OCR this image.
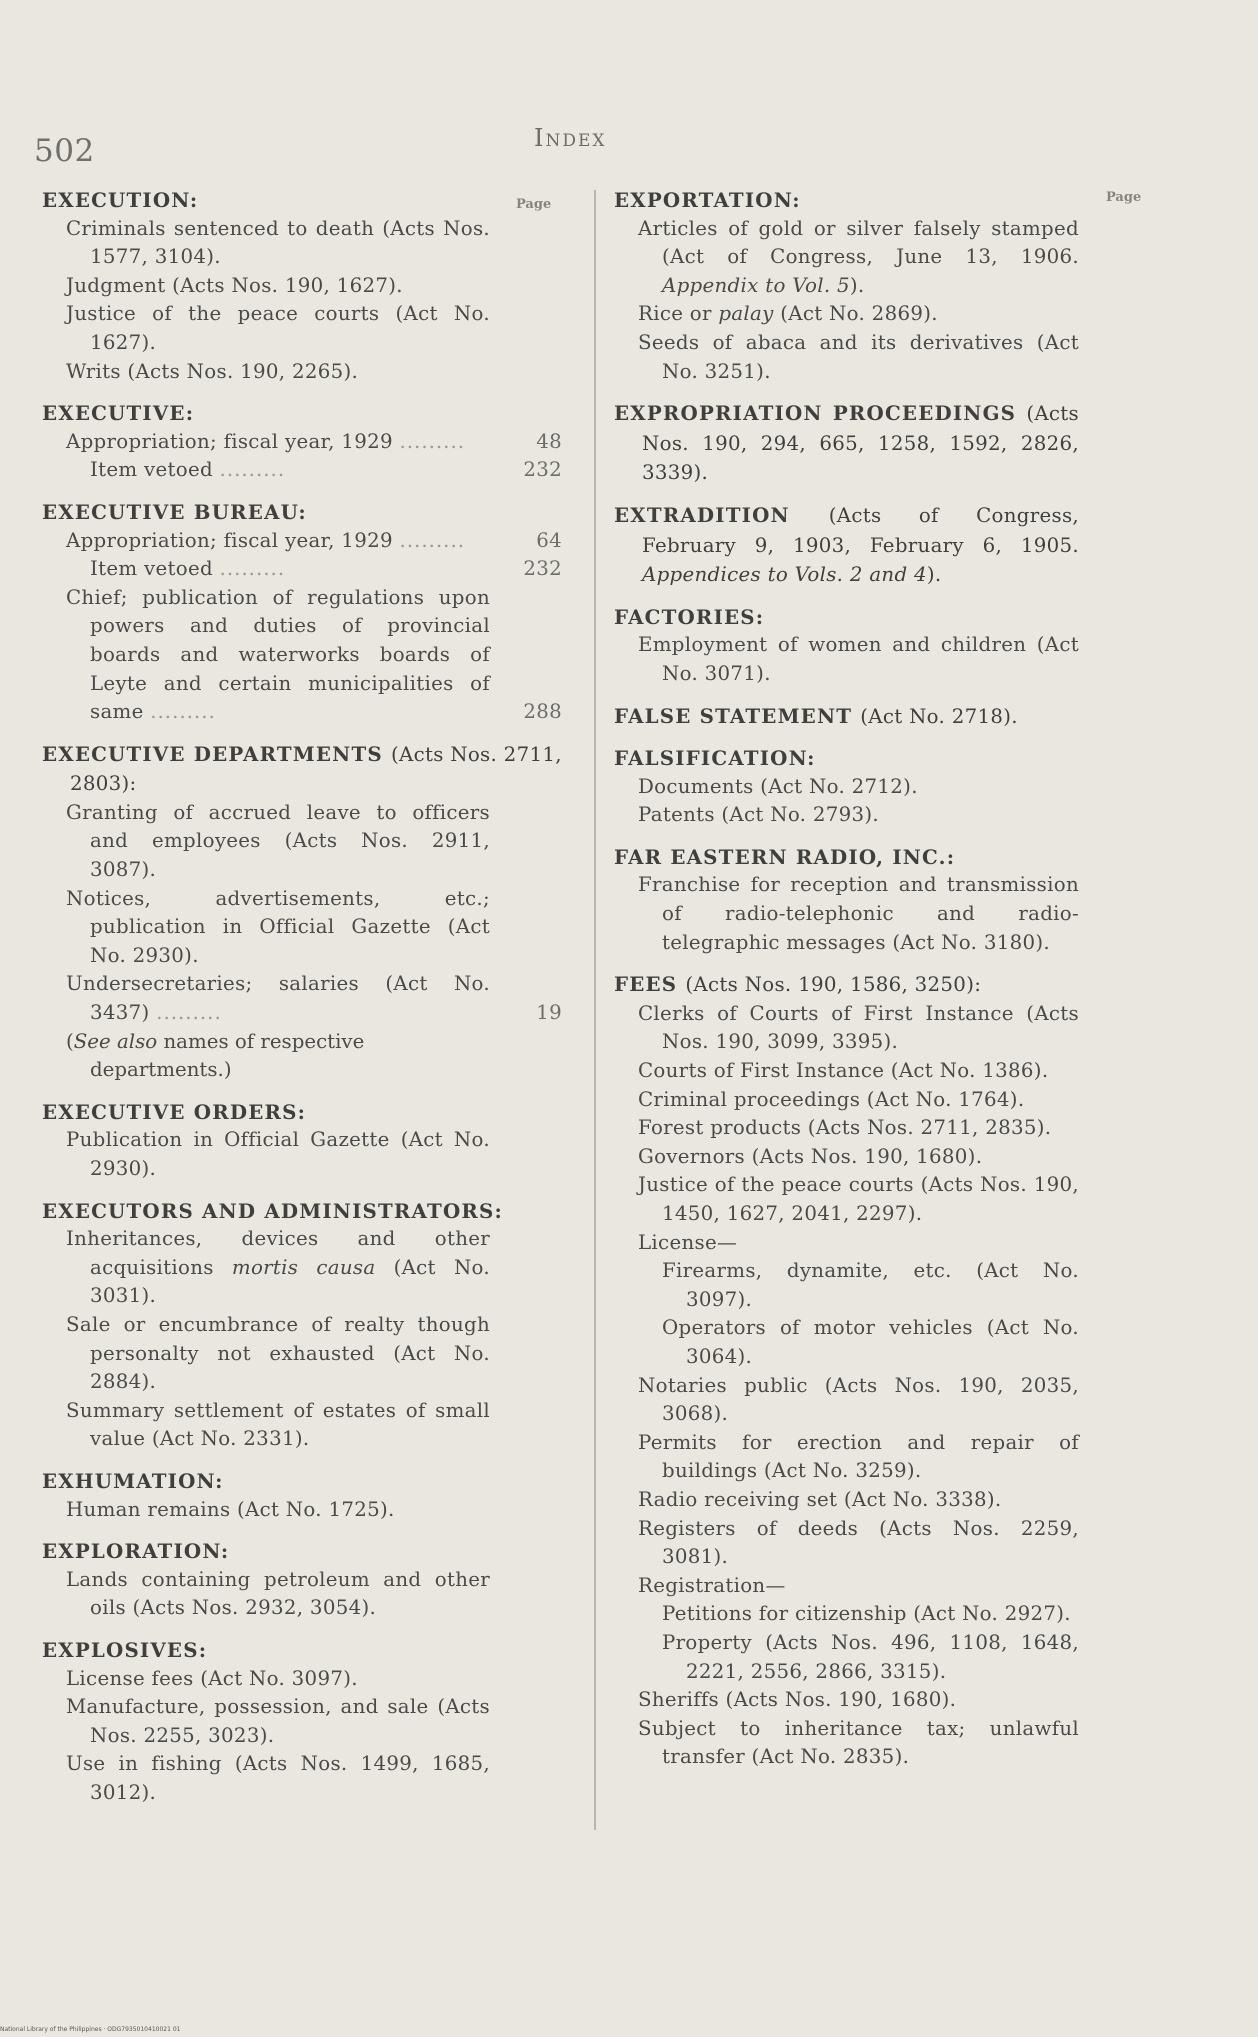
502	Index
Page	Page
EXECUTION:
Criminals sentenced to death (Acts Nos. 1577, 3104).
Judgment (Acts Nos. 190, 1627).
Justice of the peace courts (Act No. 1627).
Writs (Acts Nos. 190, 2265).
EXECUTIVE:
Appropriation; fiscal year, 1929 .........	48
Item vetoed .........	232
EXECUTIVE BUREAU:
Appropriation; fiscal year, 1929 .........	64
Item vetoed .........	232
Chief; publication of regulations upon powers and duties of provincial boards and waterworks boards of Leyte and certain municipalities of same .........	288
EXECUTIVE DEPARTMENTS (Acts Nos. 2711, 2803):
Granting of accrued leave to officers and employees (Acts Nos. 2911, 3087).
Notices, advertisements, etc.; publication in Official Gazette (Act No. 2930).
Undersecretaries; salaries (Act No. 3437) .........	19
(See also names of respective departments.)
EXECUTIVE ORDERS:
Publication in Official Gazette (Act No. 2930).
EXECUTORS AND ADMINISTRATORS:
Inheritances, devices and other acquisitions mortis causa (Act No. 3031).
Sale or encumbrance of realty though personalty not exhausted (Act No. 2884).
Summary settlement of estates of small value (Act No. 2331).
EXHUMATION:
Human remains (Act No. 1725).
EXPLORATION:
Lands containing petroleum and other oils (Acts Nos. 2932, 3054).
EXPLOSIVES:
License fees (Act No. 3097).
Manufacture, possession, and sale (Acts Nos. 2255, 3023).
Use in fishing (Acts Nos. 1499, 1685, 3012).
EXPORTATION:
Articles of gold or silver falsely stamped (Act of Congress, June 13, 1906. Appendix to Vol. 5).
Rice or palay (Act No. 2869).
Seeds of abaca and its derivatives (Act No. 3251).
EXPROPRIATION PROCEEDINGS (Acts Nos. 190, 294, 665, 1258, 1592, 2826, 3339).
EXTRADITION (Acts of Congress, February 9, 1903, February 6, 1905. Appendices to Vols. 2 and 4).
FACTORIES:
Employment of women and children (Act No. 3071).
FALSE STATEMENT (Act No. 2718).
FALSIFICATION:
Documents (Act No. 2712).
Patents (Act No. 2793).
FAR EASTERN RADIO, INC.:
Franchise for reception and transmission of radio-telephonic and radio-telegraphic messages (Act No. 3180).
FEES (Acts Nos. 190, 1586, 3250):
Clerks of Courts of First Instance (Acts Nos. 190, 3099, 3395).
Courts of First Instance (Act No. 1386).
Criminal proceedings (Act No. 1764).
Forest products (Acts Nos. 2711, 2835).
Governors (Acts Nos. 190, 1680).
Justice of the peace courts (Acts Nos. 190, 1450, 1627, 2041, 2297).
License—
Firearms, dynamite, etc. (Act No. 3097).
Operators of motor vehicles (Act No. 3064).
Notaries public (Acts Nos. 190, 2035, 3068).
Permits for erection and repair of buildings (Act No. 3259).
Radio receiving set (Act No. 3338).
Registers of deeds (Acts Nos. 2259, 3081).
Registration—
Petitions for citizenship (Act No. 2927).
Property (Acts Nos. 496, 1108, 1648, 2221, 2556, 2866, 3315).
Sheriffs (Acts Nos. 190, 1680).
Subject to inheritance tax; unlawful transfer (Act No. 2835).
National Library of the Philippines · ODG7935010410021 01
